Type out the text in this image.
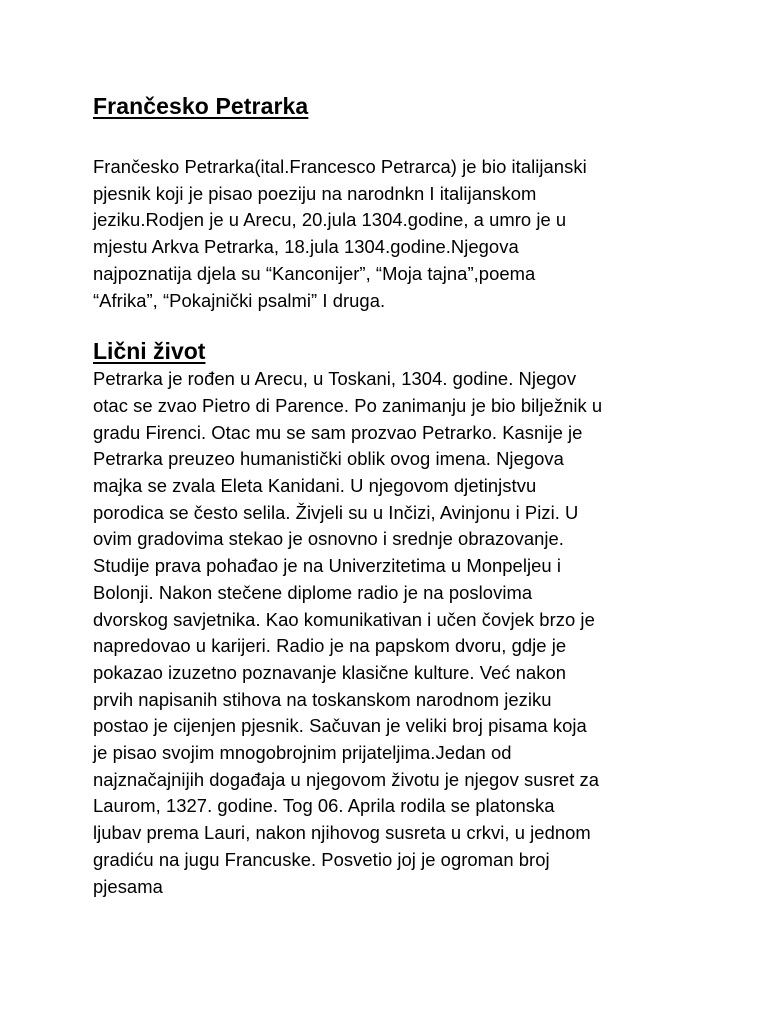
Frančesko Petrarka

Frančesko Petrarka(ital.Francesco Petrarca) je bio italijanski
pjesnik koji je pisao poeziju na narodnkn I italijanskom
jeziku.Rodjen je u Arecu, 20.jula 1304.godine, a umro je u
mjestu Arkva Petrarka, 18.jula 1304.godine.Njegova
najpoznatija djela su “Kanconijer”, “Moja tajna”,poema
“Afrika”, “Pokajnički psalmi” I druga.

Lični život

Petrarka je rođen u Arecu, u Toskani, 1304. godine. Njegov
otac se zvao Pietro di Parence. Po zanimanju je bio bilježnik u
gradu Firenci. Otac mu se sam prozvao Petrarko. Kasnije je
Petrarka preuzeo humanistički oblik ovog imena. Njegova
majka se zvala Eleta Kanidani. U njegovom djetinjstvu
porodica se često selila. Živjeli su u Inčizi, Avinjonu i Pizi. U
ovim gradovima stekao je osnovno i srednje obrazovanje.
Studije prava pohađao je na Univerzitetima u Monpeljeu i
Bolonji. Nakon stečene diplome radio je na poslovima
dvorskog savjetnika. Kao komunikativan i učen čovjek brzo je
napredovao u karijeri. Radio je na papskom dvoru, gdje je
pokazao izuzetno poznavanje klasične kulture. Već nakon
prvih napisanih stihova na toskanskom narodnom jeziku
postao je cijenjen pjesnik. Sačuvan je veliki broj pisama koja
je pisao svojim mnogobrojnim prijateljima.Jedan od
najznačajnijih događaja u njegovom životu je njegov susret za
Laurom, 1327. godine. Tog 06. Aprila rodila se platonska
ljubav prema Lauri, nakon njihovog susreta u crkvi, u jednom
gradiću na jugu Francuske. Posvetio joj je ogroman broj
pjesama
